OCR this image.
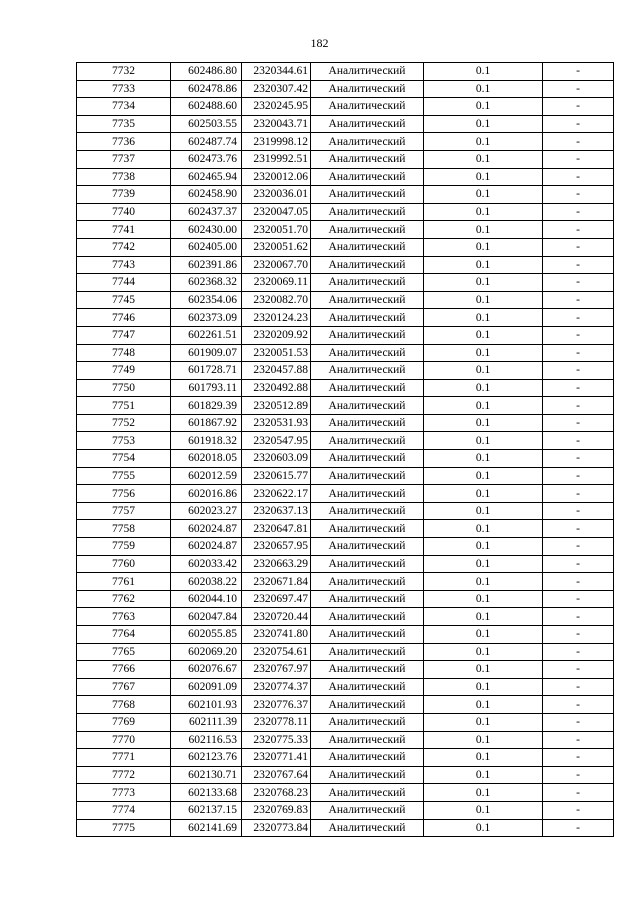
182
7732	602486.80	2320344.61	Аналитический	0.1	-
7733	602478.86	2320307.42	Аналитический	0.1	-
7734	602488.60	2320245.95	Аналитический	0.1	-
7735	602503.55	2320043.71	Аналитический	0.1	-
7736	602487.74	2319998.12	Аналитический	0.1	-
7737	602473.76	2319992.51	Аналитический	0.1	-
7738	602465.94	2320012.06	Аналитический	0.1	-
7739	602458.90	2320036.01	Аналитический	0.1	-
7740	602437.37	2320047.05	Аналитический	0.1	-
7741	602430.00	2320051.70	Аналитический	0.1	-
7742	602405.00	2320051.62	Аналитический	0.1	-
7743	602391.86	2320067.70	Аналитический	0.1	-
7744	602368.32	2320069.11	Аналитический	0.1	-
7745	602354.06	2320082.70	Аналитический	0.1	-
7746	602373.09	2320124.23	Аналитический	0.1	-
7747	602261.51	2320209.92	Аналитический	0.1	-
7748	601909.07	2320051.53	Аналитический	0.1	-
7749	601728.71	2320457.88	Аналитический	0.1	-
7750	601793.11	2320492.88	Аналитический	0.1	-
7751	601829.39	2320512.89	Аналитический	0.1	-
7752	601867.92	2320531.93	Аналитический	0.1	-
7753	601918.32	2320547.95	Аналитический	0.1	-
7754	602018.05	2320603.09	Аналитический	0.1	-
7755	602012.59	2320615.77	Аналитический	0.1	-
7756	602016.86	2320622.17	Аналитический	0.1	-
7757	602023.27	2320637.13	Аналитический	0.1	-
7758	602024.87	2320647.81	Аналитический	0.1	-
7759	602024.87	2320657.95	Аналитический	0.1	-
7760	602033.42	2320663.29	Аналитический	0.1	-
7761	602038.22	2320671.84	Аналитический	0.1	-
7762	602044.10	2320697.47	Аналитический	0.1	-
7763	602047.84	2320720.44	Аналитический	0.1	-
7764	602055.85	2320741.80	Аналитический	0.1	-
7765	602069.20	2320754.61	Аналитический	0.1	-
7766	602076.67	2320767.97	Аналитический	0.1	-
7767	602091.09	2320774.37	Аналитический	0.1	-
7768	602101.93	2320776.37	Аналитический	0.1	-
7769	602111.39	2320778.11	Аналитический	0.1	-
7770	602116.53	2320775.33	Аналитический	0.1	-
7771	602123.76	2320771.41	Аналитический	0.1	-
7772	602130.71	2320767.64	Аналитический	0.1	-
7773	602133.68	2320768.23	Аналитический	0.1	-
7774	602137.15	2320769.83	Аналитический	0.1	-
7775	602141.69	2320773.84	Аналитический	0.1	-
